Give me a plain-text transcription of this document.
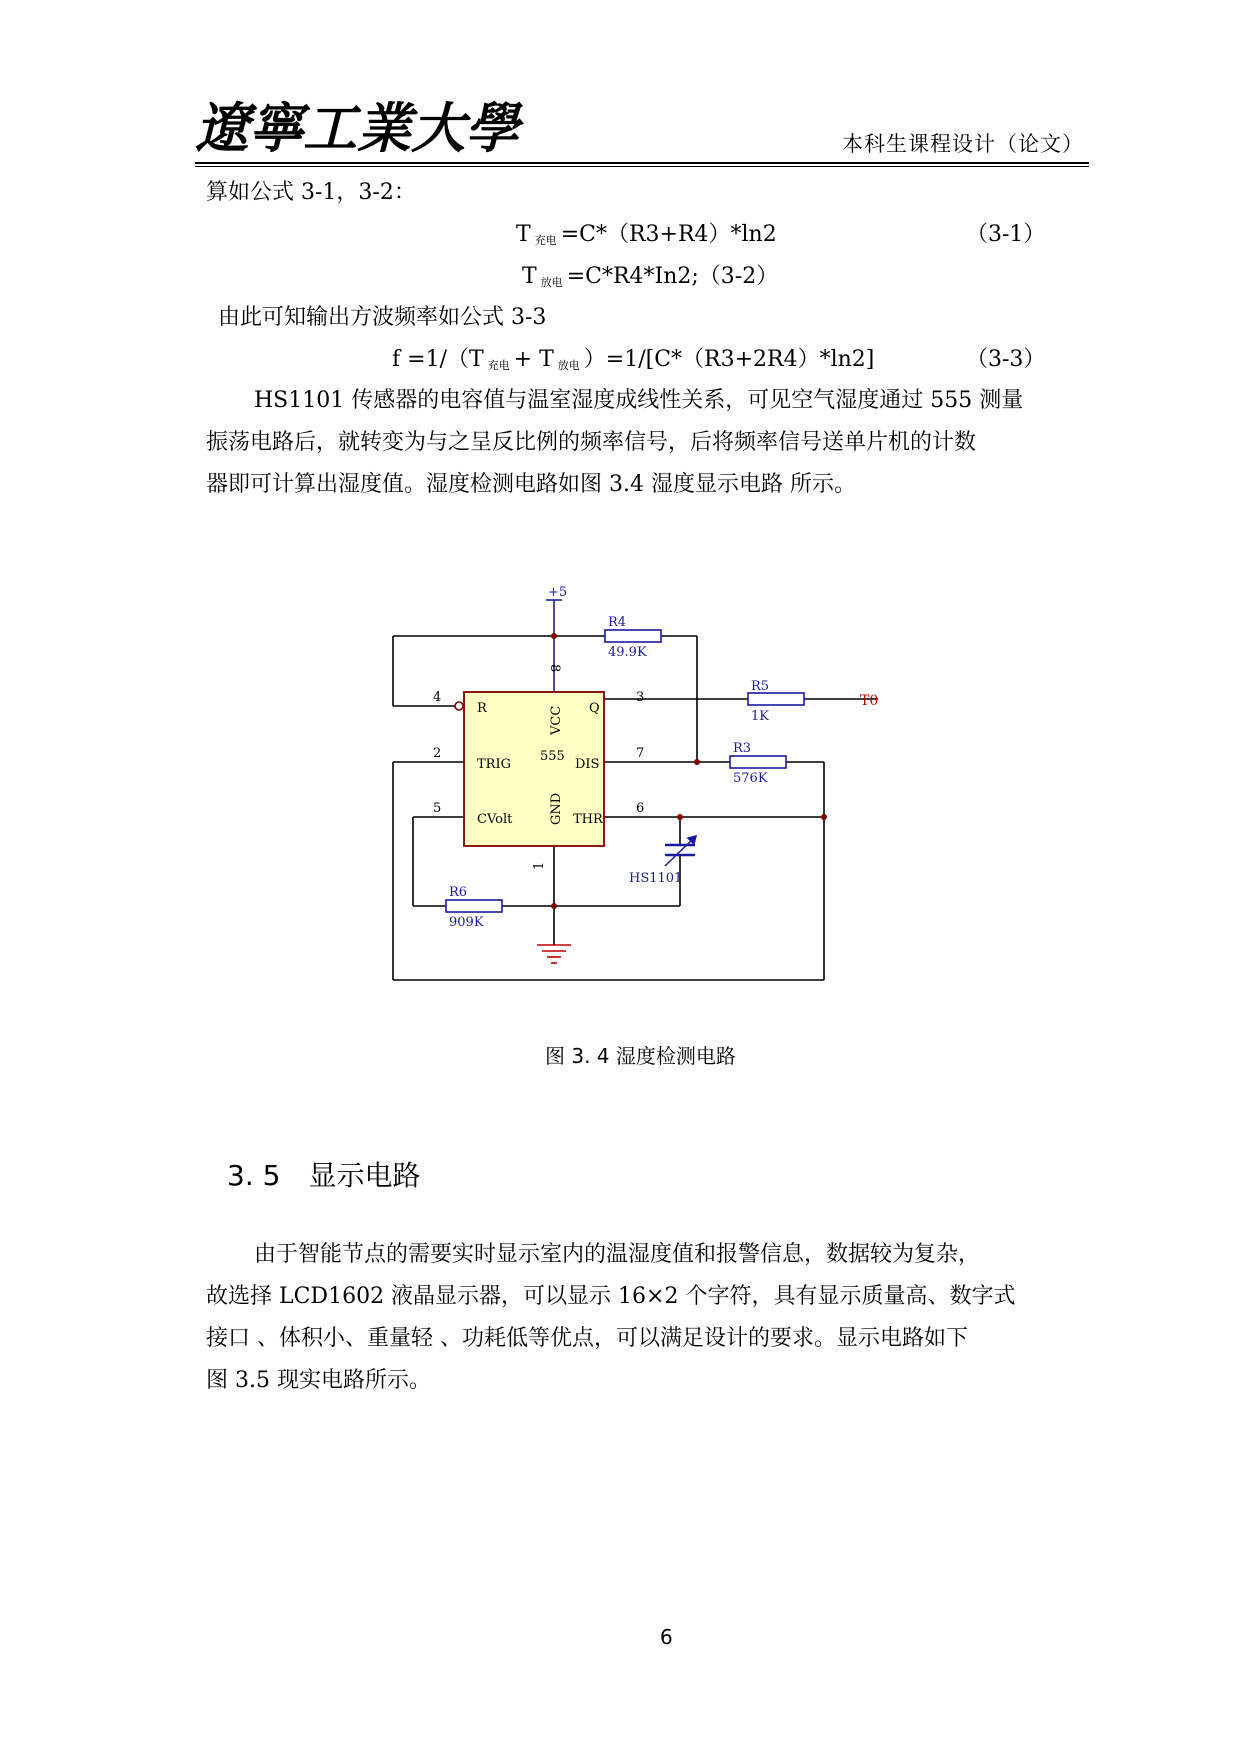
遼寧工業大學	本科生课程设计（论文）
算如公式 3-1，3-2：
T $_{充电}$ =C*（R3+R4）*ln2	（3-1）
T $_{放电}$ =C*R4*In2;（3-2）
由此可知输出方波频率如公式 3-3
f =1/（T $_{充电}$ + T $_{放电}$ ）=1/[C*（R3+2R4）*ln2]	（3-3）

HS1101 传感器的电容值与温室湿度成线性关系，可见空气湿度通过 555 测量

振荡电路后，就转变为与之呈反比例的频率信号，后将频率信号送单片机的计数

器即可计算出湿度值。湿度检测电路如图 3.4 湿度显示电路 所示。

+5
R4
49.9K
R5
1K
R3
576K
R6
909K
HS1101
T0
R
TRIG
CVolt
Q
DIS
THR
555
VCC
GND
4
2
5
3
7
6
8
1
图 3. 4 湿度检测电路
3. 5 显示电路

由于智能节点的需要实时显示室内的温湿度值和报警信息，数据较为复杂，

故选择 LCD1602 液晶显示器，可以显示 16×2 个字符，具有显示质量高、数字式

接口 、体积小、重量轻 、功耗低等优点，可以满足设计的要求。显示电路如下

图 3.5 现实电路所示。

6
